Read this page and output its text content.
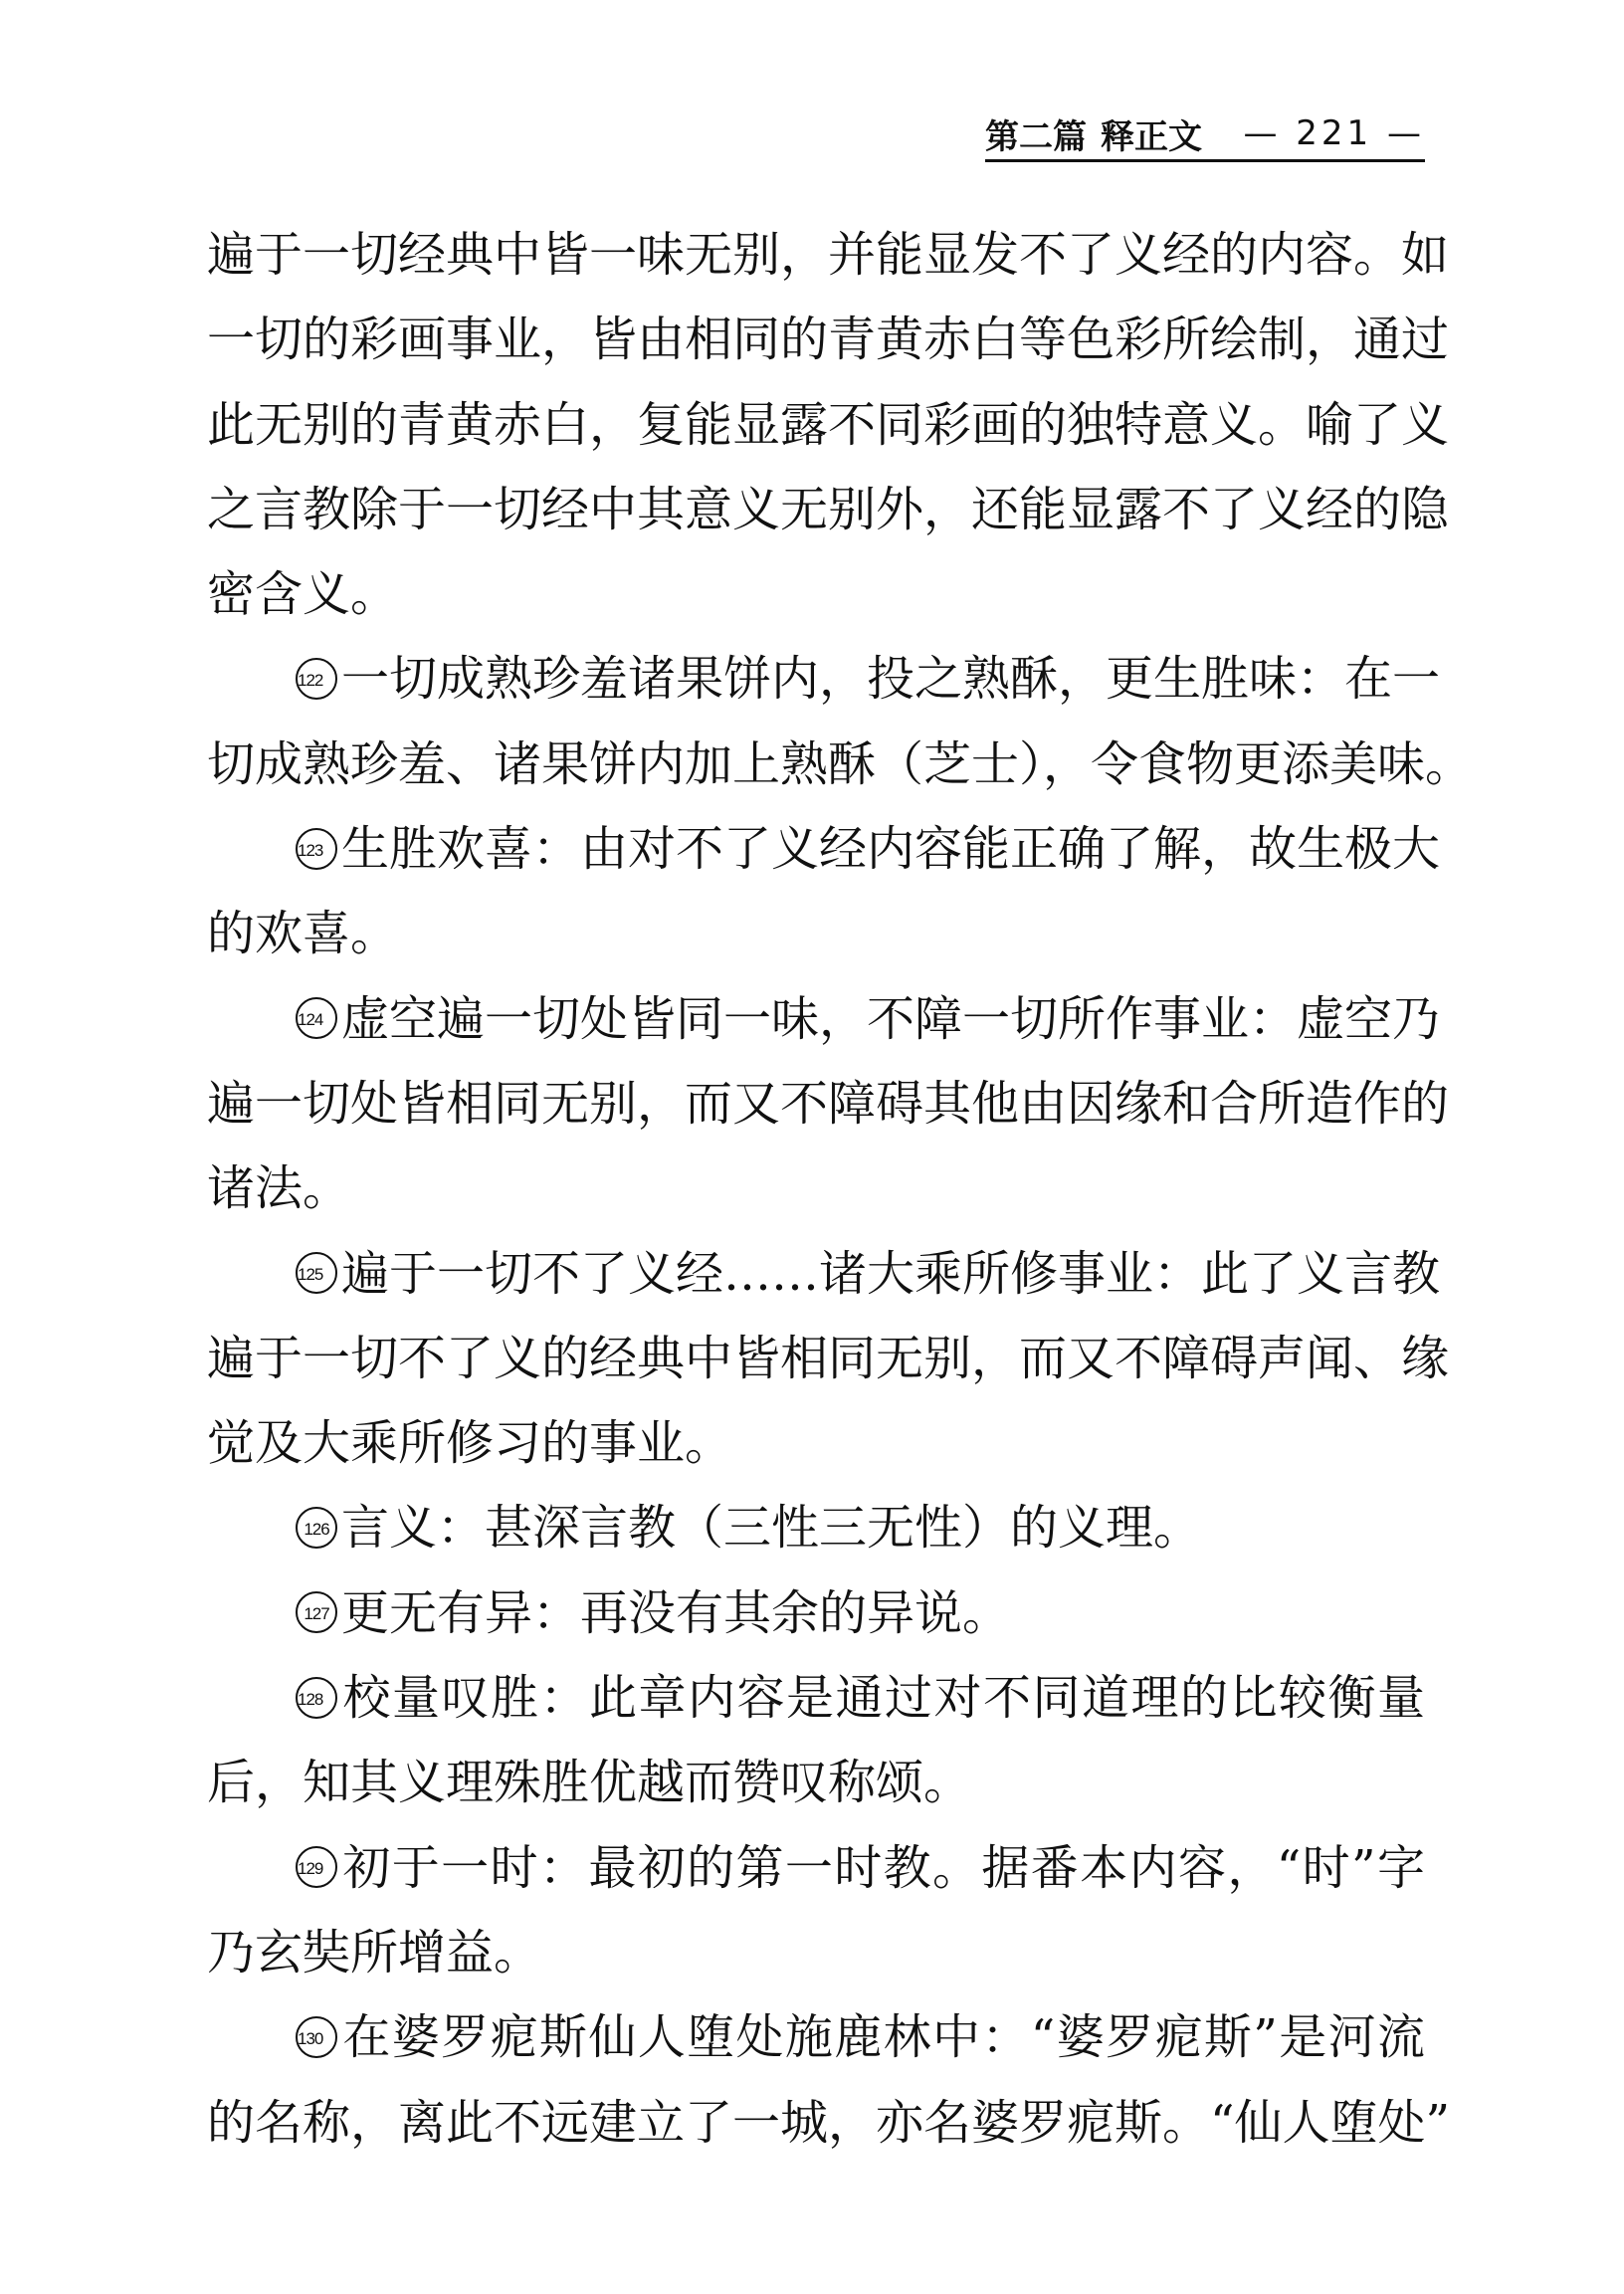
第二篇 释正文 — 221 —
遍于一切经典中皆一味无别，并能显发不了义经的内容。如
一切的彩画事业，皆由相同的青黄赤白等色彩所绘制，通过
此无别的青黄赤白，复能显露不同彩画的独特意义。喻了义
之言教除于一切经中其意义无别外，还能显露不了义经的隐
密含义。
122 一切成熟珍羞诸果饼内，投之熟酥，更生胜味：在一
切成熟珍羞、诸果饼内加上熟酥（芝士），令食物更添美味。
123 生胜欢喜：由对不了义经内容能正确了解，故生极大
的欢喜。
124 虚空遍一切处皆同一味，不障一切所作事业：虚空乃
遍一切处皆相同无别，而又不障碍其他由因缘和合所造作的
诸法。
125 遍于一切不了义经……诸大乘所修事业：此了义言教
遍于一切不了义的经典中皆相同无别，而又不障碍声闻、缘
觉及大乘所修习的事业。
126 言义：甚深言教（三性三无性）的义理。
127 更无有异：再没有其余的异说。
128 校量叹胜：此章内容是通过对不同道理的比较衡量
后，知其义理殊胜优越而赞叹称颂。
129 初于一时：最初的第一时教。据番本内容，“时”字
乃玄奘所增益。
130 在婆罗痆斯仙人堕处施鹿林中：“婆罗痆斯”是河流
的名称，离此不远建立了一城，亦名婆罗痆斯。“仙人堕处”
